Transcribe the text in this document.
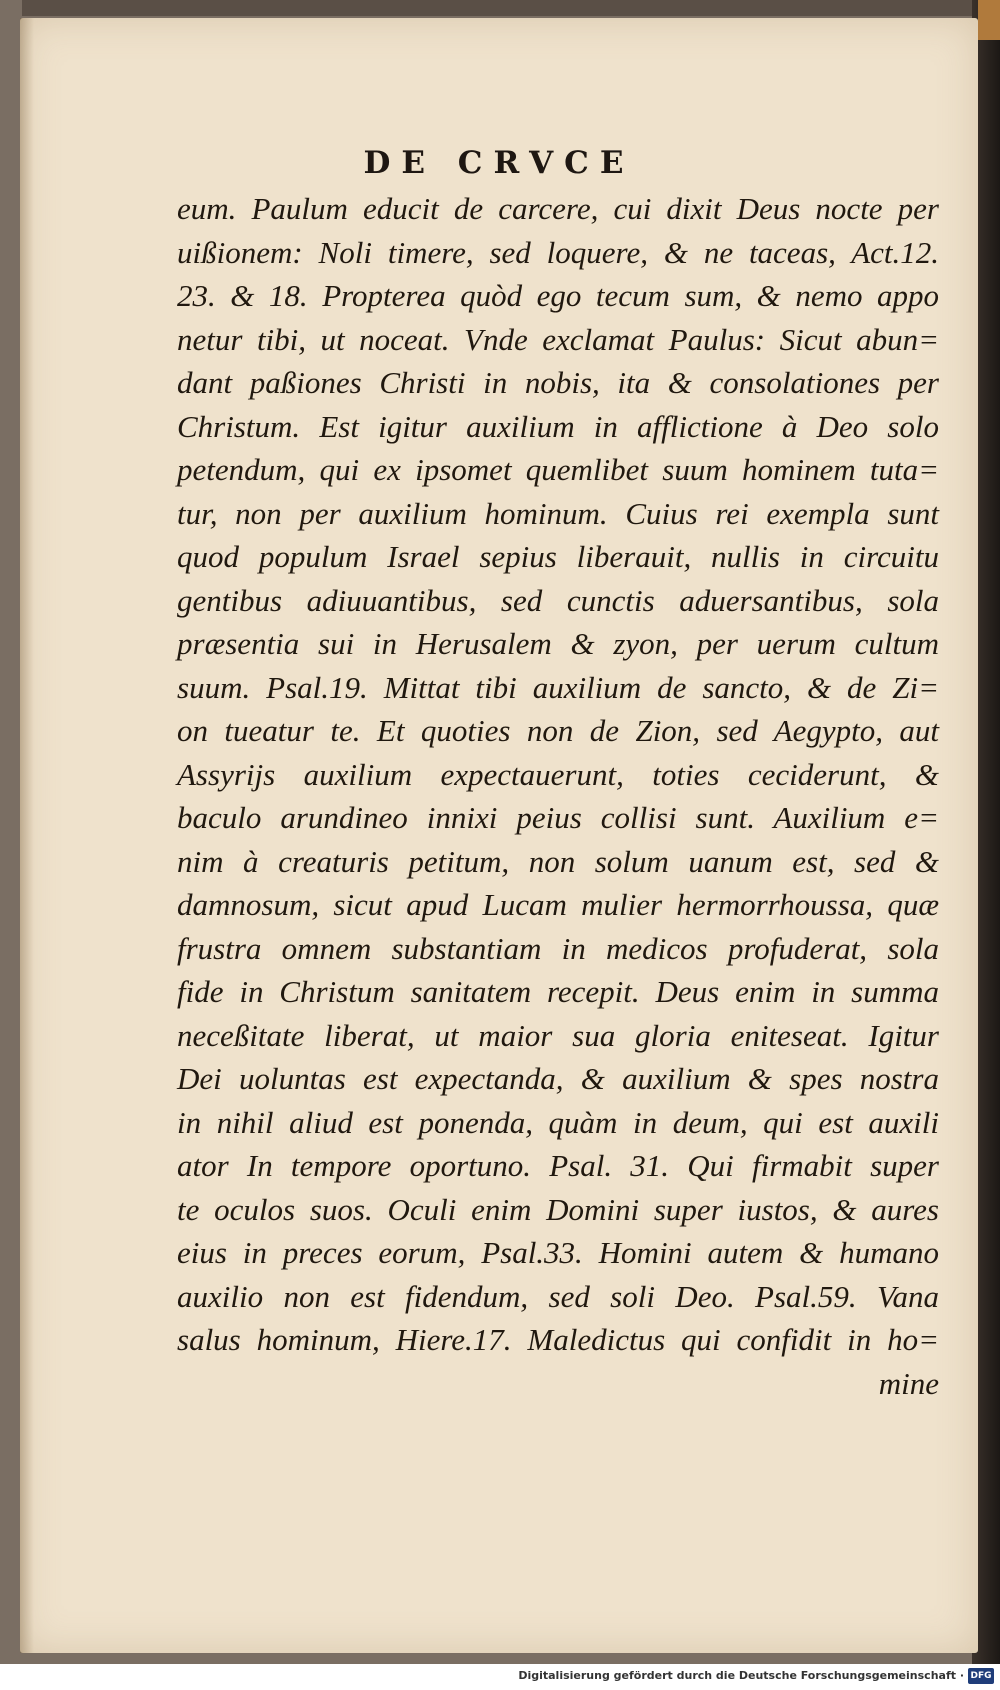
DE CRVCE
eum. Paulum educit de carcere, cui dixit Deus nocte per
uißionem: Noli timere, sed loquere, & ne taceas, Act.12.
23. & 18. Propterea quòd ego tecum sum, & nemo appo
netur tibi, ut noceat. Vnde exclamat Paulus: Sicut abun=
dant paßiones Christi in nobis, ita & consolationes per
Christum. Est igitur auxilium in afflictione à Deo solo
petendum, qui ex ipsomet quemlibet suum hominem tuta=
tur, non per auxilium hominum. Cuius rei exempla sunt
quod populum Israel sepius liberauit, nullis in circuitu
gentibus adiuuantibus, sed cunctis aduersantibus, sola
præsentia sui in Herusalem & zyon, per uerum cultum
suum. Psal.19. Mittat tibi auxilium de sancto, & de Zi=
on tueatur te. Et quoties non de Zion, sed Aegypto, aut
Assyrijs auxilium expectauerunt, toties ceciderunt, &
baculo arundineo innixi peius collisi sunt. Auxilium e=
nim à creaturis petitum, non solum uanum est, sed &
damnosum, sicut apud Lucam mulier hermorrhoussa, quæ
frustra omnem substantiam in medicos profuderat, sola
fide in Christum sanitatem recepit. Deus enim in summa
neceßitate liberat, ut maior sua gloria eniteseat. Igitur
Dei uoluntas est expectanda, & auxilium & spes nostra
in nihil aliud est ponenda, quàm in deum, qui est auxili
ator In tempore oportuno. Psal. 31. Qui firmabit super
te oculos suos. Oculi enim Domini super iustos, & aures
eius in preces eorum, Psal.33. Homini autem & humano
auxilio non est fidendum, sed soli Deo. Psal.59. Vana
salus hominum, Hiere.17. Maledictus qui confidit in ho=
mine
Digitalisierung gefördert durch die Deutsche Forschungsgemeinschaft · DFG
